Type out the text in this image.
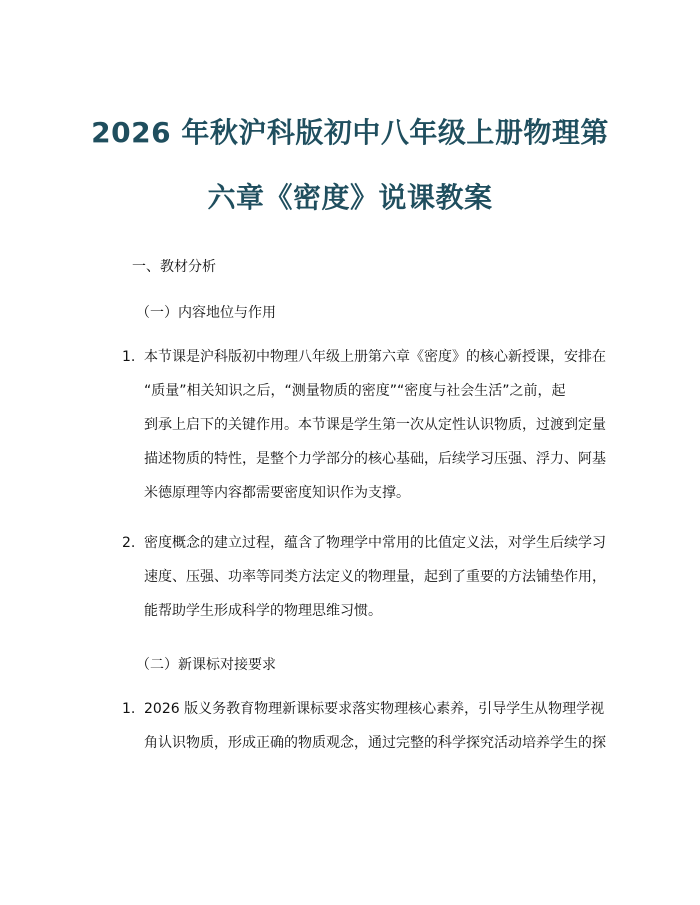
2026 年秋沪科版初中八年级上册物理第
六章《密度》说课教案
一、教材分析
（一）内容地位与作用
1. 本节课是沪科版初中物理八年级上册第六章《密度》的核心新授课，安排在
“质量”相关知识之后，“测量物质的密度”“密度与社会生活”之前，起
到承上启下的关键作用。本节课是学生第一次从定性认识物质，过渡到定量
描述物质的特性，是整个力学部分的核心基础，后续学习压强、浮力、阿基
米德原理等内容都需要密度知识作为支撑。
2. 密度概念的建立过程，蕴含了物理学中常用的比值定义法，对学生后续学习
速度、压强、功率等同类方法定义的物理量，起到了重要的方法铺垫作用，
能帮助学生形成科学的物理思维习惯。
（二）新课标对接要求
1. 2026 版义务教育物理新课标要求落实物理核心素养，引导学生从物理学视
角认识物质，形成正确的物质观念，通过完整的科学探究活动培养学生的探
